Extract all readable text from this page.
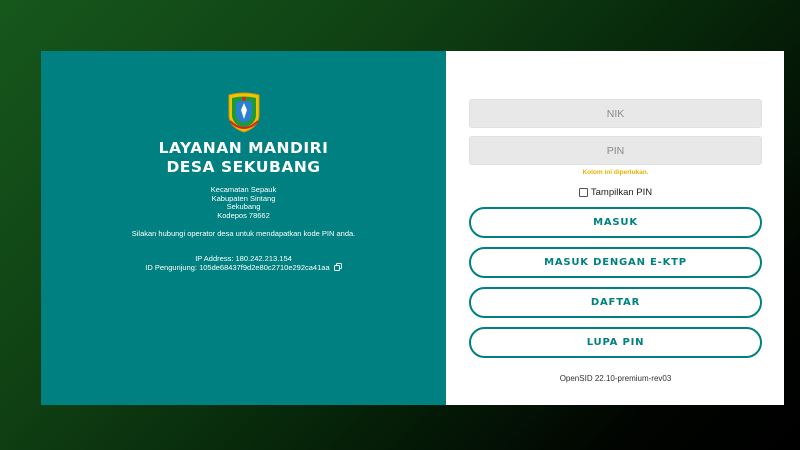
LAYANAN MANDIRI
DESA SEKUBANG
Kecamatan Sepauk
Kabupaten Sintang
Sekubang
Kodepos 78662
Silakan hubungi operator desa untuk mendapatkan kode PIN anda.
IP Address: 180.242.213.154
ID Pengunjung: 105de68437f9d2e80c2710e292ca41aa
NIK
Kolom ini diperlukan.
Tampilkan PIN
MASUK
MASUK DENGAN E-KTP
DAFTAR
LUPA PIN
OpenSID 22.10-premium-rev03
